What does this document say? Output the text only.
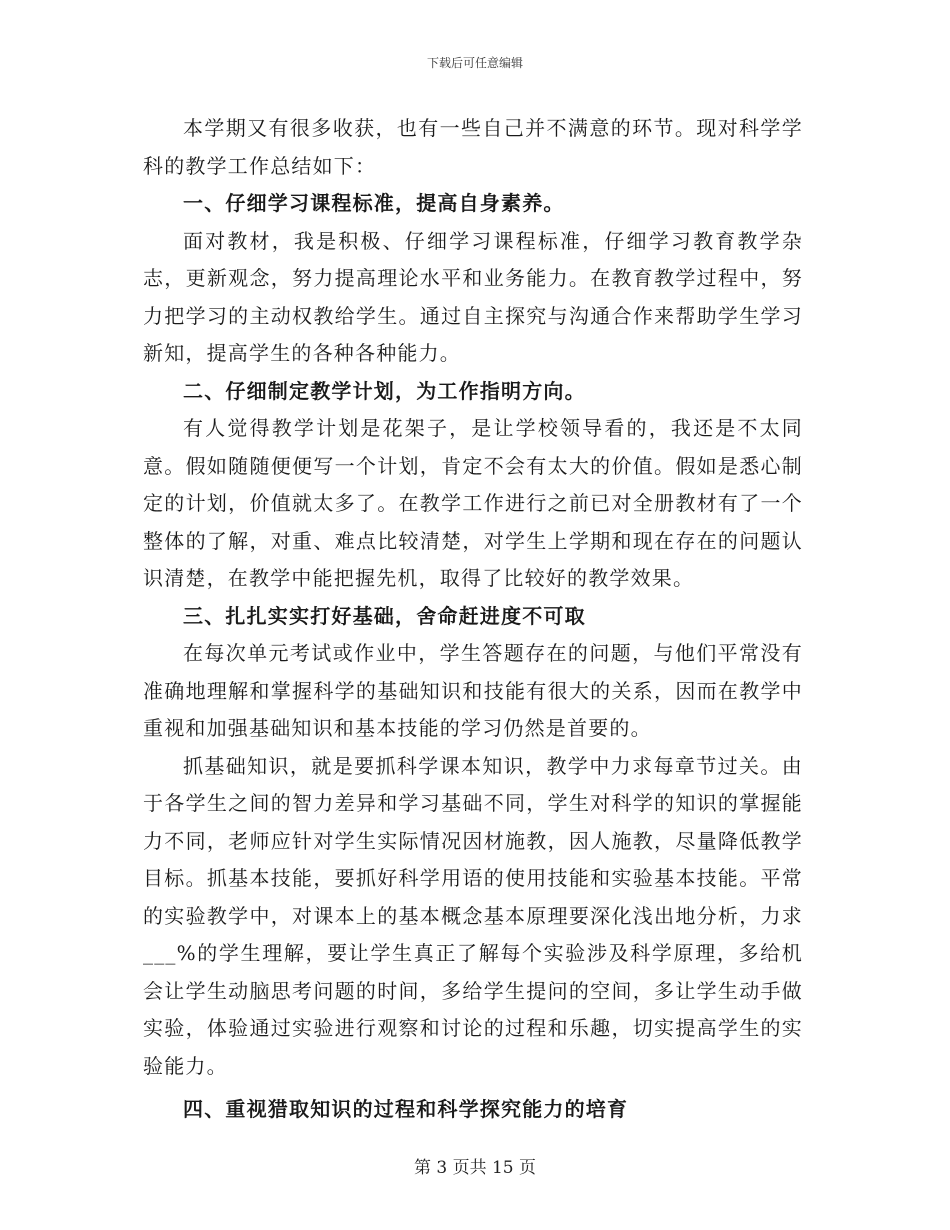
下载后可任意编辑

本学期又有很多收获，也有一些自己并不满意的环节。现对科学学科的教学工作总结如下：

一、仔细学习课程标准，提高自身素养。

面对教材，我是积极、仔细学习课程标准，仔细学习教育教学杂志，更新观念，努力提高理论水平和业务能力。在教育教学过程中，努力把学习的主动权教给学生。通过自主探究与沟通合作来帮助学生学习新知，提高学生的各种各种能力。

二、仔细制定教学计划，为工作指明方向。

有人觉得教学计划是花架子，是让学校领导看的，我还是不太同意。假如随随便便写一个计划，肯定不会有太大的价值。假如是悉心制定的计划，价值就太多了。在教学工作进行之前已对全册教材有了一个整体的了解，对重、难点比较清楚，对学生上学期和现在存在的问题认识清楚，在教学中能把握先机，取得了比较好的教学效果。

三、扎扎实实打好基础，舍命赶进度不可取

在每次单元考试或作业中，学生答题存在的问题，与他们平常没有准确地理解和掌握科学的基础知识和技能有很大的关系，因而在教学中重视和加强基础知识和基本技能的学习仍然是首要的。

抓基础知识，就是要抓科学课本知识，教学中力求每章节过关。由于各学生之间的智力差异和学习基础不同，学生对科学的知识的掌握能力不同，老师应针对学生实际情况因材施教，因人施教，尽量降低教学目标。抓基本技能，要抓好科学用语的使用技能和实验基本技能。平常的实验教学中，对课本上的基本概念基本原理要深化浅出地分析，力求___%的学生理解，要让学生真正了解每个实验涉及科学原理，多给机会让学生动脑思考问题的时间，多给学生提问的空间，多让学生动手做实验，体验通过实验进行观察和讨论的过程和乐趣，切实提高学生的实验能力。

四、重视猎取知识的过程和科学探究能力的培育

第 3 页共 15 页
